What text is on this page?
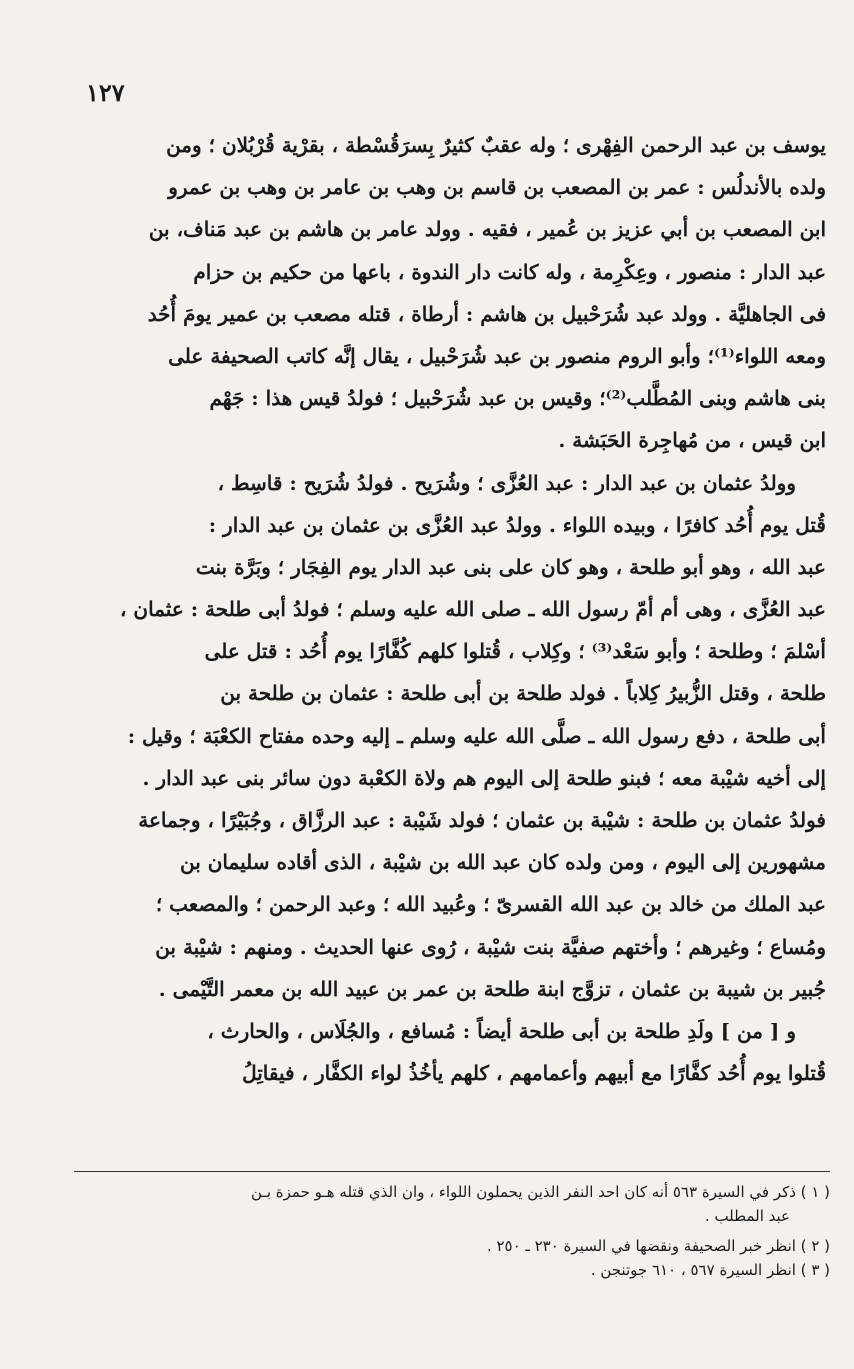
١٢٧
يوسف بن عبد الرحمن الفِهْرى ؛ وله عقبٌ كثيرٌ بِسرَقُسْطة ، بقرْية قُرْبُلان ؛ ومن
ولده بالأندلُس : عمر بن المصعب بن قاسم بن وهب بن عامر بن وهب بن عمرو
ابن المصعب بن أبي عزيز بن عُمير ، فقيه . وولد عامر بن هاشم بن عبد مَناف، بن
عبد الدار : منصور ، وعِكْرِمة ، وله كانت دار الندوة ، باعها من حكيم بن حزام
فى الجاهليَّة . وولد عبد شُرَحْبيل بن هاشم : أرطاة ، قتله مصعب بن عمير يومَ أُحُد
ومعه اللواء⁽¹⁾؛ وأبو الروم منصور بن عبد شُرَحْبيل ، يقال إنَّه كاتب الصحيفة على
بنى هاشم وبنى المُطَّلب⁽²⁾؛ وقيس بن عبد شُرَحْبيل ؛ فولدُ قيس هذا : جَهْم
ابن قيس ، من مُهاجِرة الحَبَشة .
وولدُ عثمان بن عبد الدار : عبد العُزَّى ؛ وشُرَيح . فولدُ شُرَيح : قاسِط ،
قُتل يوم أُحُد كافرًا ، وبيده اللواء . وولدُ عبد العُزَّى بن عثمان بن عبد الدار :
عبد الله ، وهو أبو طلحة ، وهو كان على بنى عبد الدار يوم الفِجَار ؛ وبَرَّة بنت
عبد العُزَّى ، وهى أم أمّ رسول الله ـ صلى الله عليه وسلم ؛ فولدُ أبى طلحة : عثمان ،
أسْلمَ ؛ وطلحة ؛ وأبو سَعْد⁽³⁾ ؛ وكِلاب ، قُتلوا كلهم كُفَّارًا يوم أُحُد : قتل على
طلحة ، وقتل الزُّبيرُ كِلاباً . فولد طلحة بن أبى طلحة : عثمان بن طلحة بن
أبى طلحة ، دفع رسول الله ـ صلَّى الله عليه وسلم ـ إليه وحده مفتاح الكعْبَة ؛ وقيل :
إلى أخيه شيْبة معه ؛ فبنو طلحة إلى اليوم هم ولاة الكعْبة دون سائر بنى عبد الدار .
فولدُ عثمان بن طلحة : شيْبة بن عثمان ؛ فولد شَيْبة : عبد الرزَّاق ، وجُبَيْرًا ، وجماعة
مشهورين إلى اليوم ، ومن ولده كان عبد الله بن شيْبة ، الذى أقاده سليمان بن
عبد الملك من خالد بن عبد الله القسرىّ ؛ وعُبيد الله ؛ وعبد الرحمن ؛ والمصعب ؛
ومُساع ؛ وغيرهم ؛ وأختهم صفيَّة بنت شيْبة ، رُوى عنها الحديث . ومنهم : شيْبة بن
جُبير بن شيبة بن عثمان ، تزوَّج ابنة طلحة بن عمر بن عبيد الله بن معمر التَّيْمى .
و [ من ] ولَدِ طلحة بن أبى طلحة أيضاً : مُسافع ، والجُلَاس ، والحارث ،
قُتلوا يوم أُحُد كفَّارًا مع أبيهم وأعمامهم ، كلهم يأخُذُ لواء الكفَّار ، فيقاتِلُ
( ١ ) ذكر في السيرة ٥٦٣ أنه كان احد النفر الذين يحملون اللواء ، وان الذي قتله هـو حمزة بـن
عبد المطلب .
( ٢ ) انظر خبر الصحيفة ونقضها في السيرة ٢٣٠ ـ ٢٥٠ .
( ٣ ) انظر السيرة ٥٦٧ ، ٦١٠ جوتنجن .
